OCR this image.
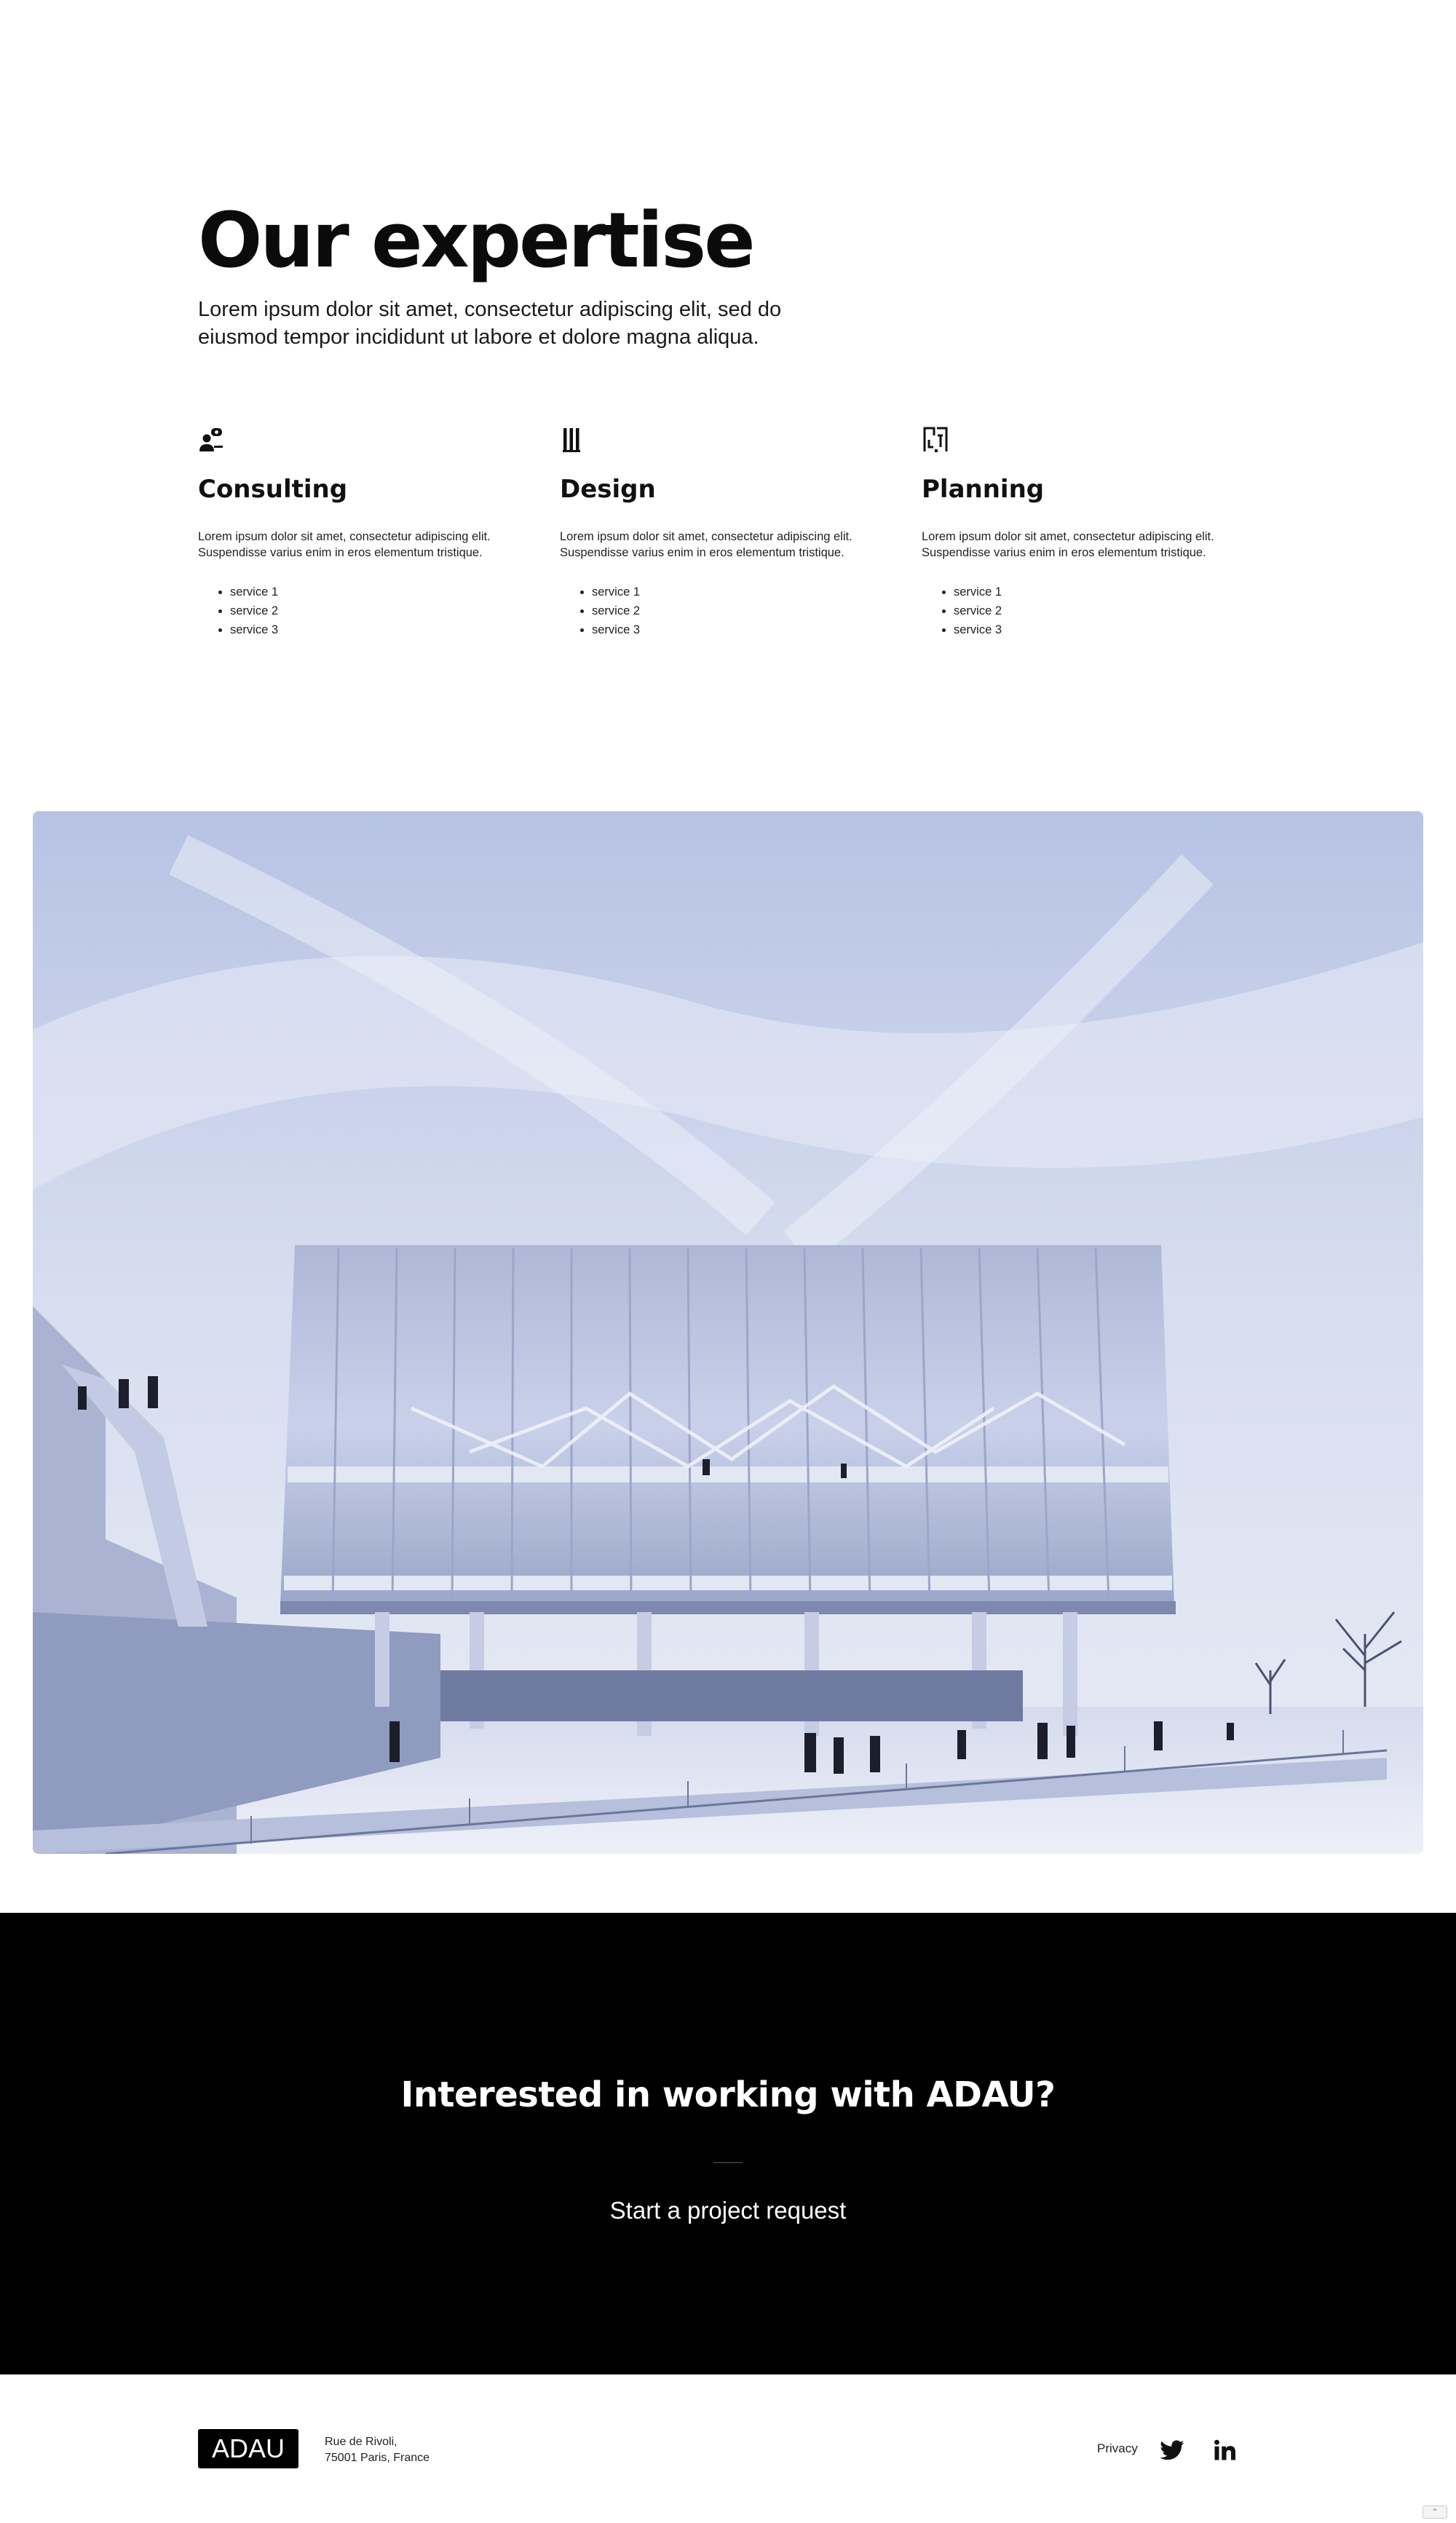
Our expertise

Lorem ipsum dolor sit amet, consectetur adipiscing elit, sed do eiusmod tempor incididunt ut labore et dolore magna aliqua.

Consulting

Lorem ipsum dolor sit amet, consectetur adipiscing elit. Suspendisse varius enim in eros elementum tristique.

• service 1
• service 2
• service 3
Design

Lorem ipsum dolor sit amet, consectetur adipiscing elit. Suspendisse varius enim in eros elementum tristique.

• service 1
• service 2
• service 3
Planning

Lorem ipsum dolor sit amet, consectetur adipiscing elit. Suspendisse varius enim in eros elementum tristique.

• service 1
• service 2
• service 3
Interested in working with ADAU?
Start a project request
ADAU	Rue de Rivoli,
75001 Paris, France
Privacy
⌃
